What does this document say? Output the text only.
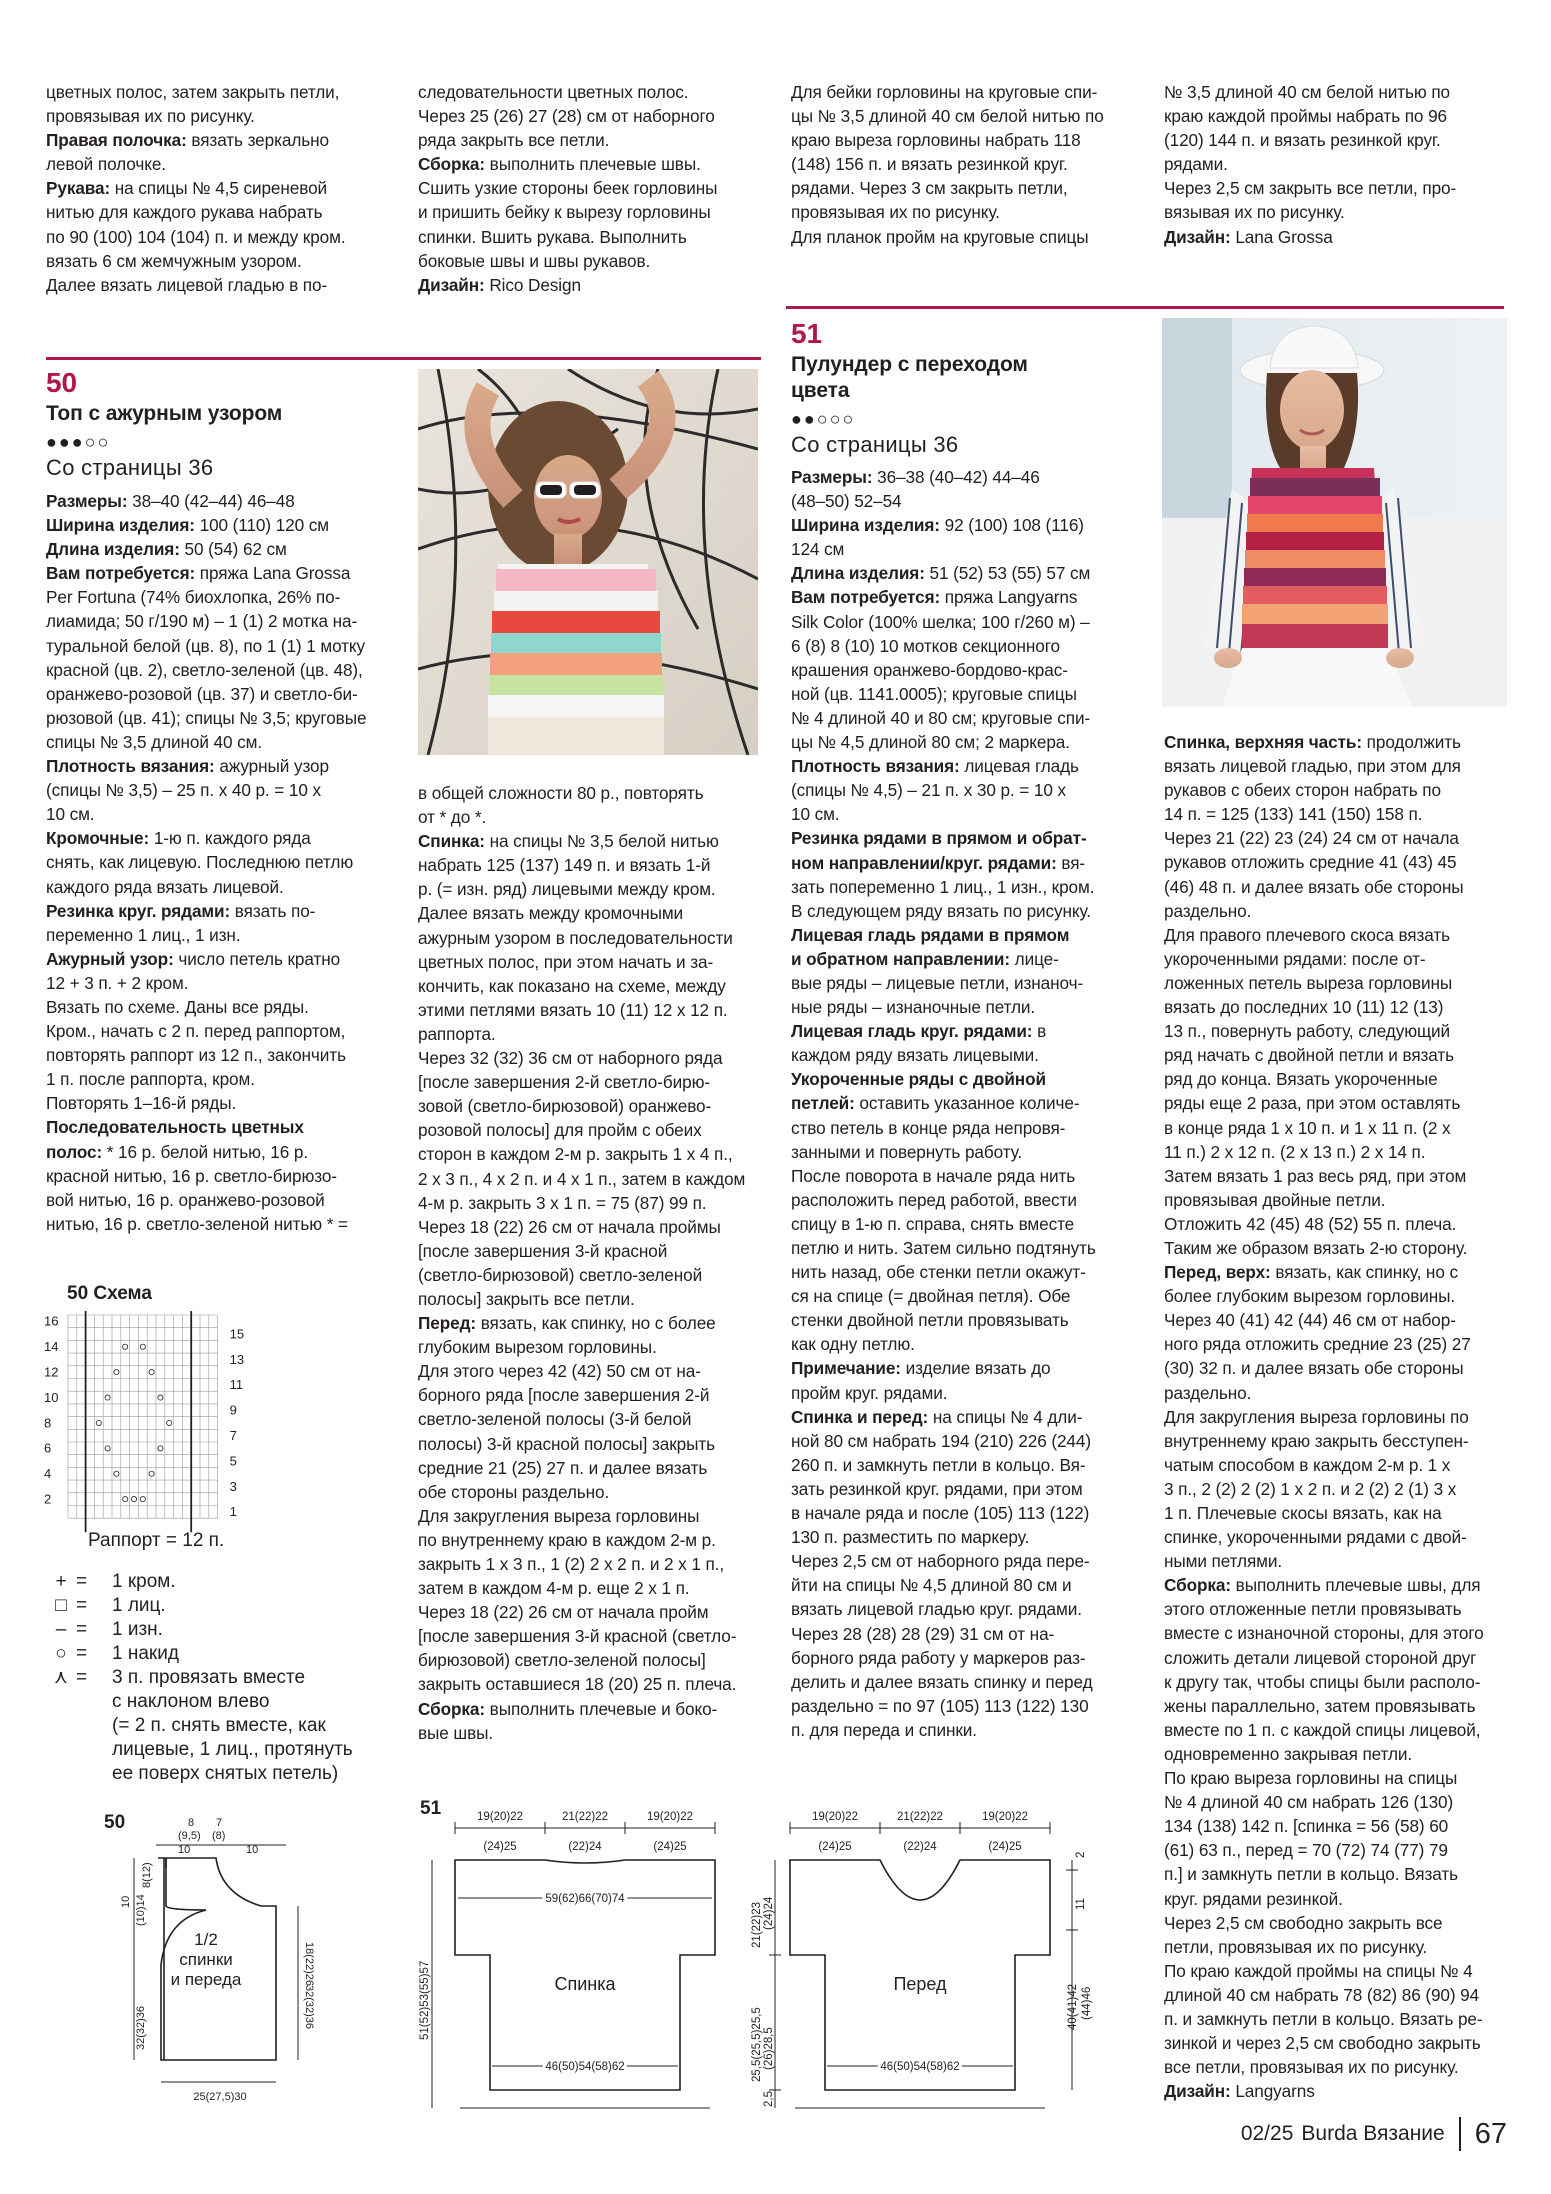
цветных полос, затем закрыть петли,

провязывая их по рисунку.

Правая полочка: вязать зеркально

левой полочке.

Рукава: на спицы № 4,5 сиреневой

нитью для каждого рукава набрать

по 90 (100) 104 (104) п. и между кром.

вязать 6 см жемчужным узором.

Далее вязать лицевой гладью в по-

следовательности цветных полос.

Через 25 (26) 27 (28) см от наборного

ряда закрыть все петли.

Сборка: выполнить плечевые швы.

Сшить узкие стороны беек горловины

и пришить бейку к вырезу горловины

спинки. Вшить рукава. Выполнить

боковые швы и швы рукавов.

Дизайн: Rico Design

Для бейки горловины на круговые спи-

цы № 3,5 длиной 40 см белой нитью по

краю выреза горловины набрать 118

(148) 156 п. и вязать резинкой круг.

рядами. Через 3 см закрыть петли,

провязывая их по рисунку.

Для планок пройм на круговые спицы

№ 3,5 длиной 40 см белой нитью по

краю каждой проймы набрать по 96

(120) 144 п. и вязать резинкой круг.

рядами.

Через 2,5 см закрыть все петли, про-

вязывая их по рисунку.

Дизайн: Lana Grossa

50
Топ с ажурным узором
●●●○○
Со страницы 36

Размеры: 38–40 (42–44) 46–48

Ширина изделия: 100 (110) 120 см

Длина изделия: 50 (54) 62 см

Вам потребуется: пряжа Lana Grossa

Per Fortuna (74% биохлопка, 26% по-

лиамида; 50 г/190 м) – 1 (1) 2 мотка на-

туральной белой (цв. 8), по 1 (1) 1 мотку

красной (цв. 2), светло-зеленой (цв. 48),

оранжево-розовой (цв. 37) и светло-би-

рюзовой (цв. 41); спицы № 3,5; круговые

спицы № 3,5 длиной 40 см.

Плотность вязания: ажурный узор

(спицы № 3,5) – 25 п. х 40 р. = 10 х

10 см.

Кромочные: 1-ю п. каждого ряда

снять, как лицевую. Последнюю петлю

каждого ряда вязать лицевой.

Резинка круг. рядами: вязать по-

переменно 1 лиц., 1 изн.

Ажурный узор: число петель кратно

12 + 3 п. + 2 кром.

Вязать по схеме. Даны все ряды.

Кром., начать с 2 п. перед раппортом,

повторять раппорт из 12 п., закончить

1 п. после раппорта, кром.

Повторять 1–16-й ряды.

Последовательность цветных

полос: * 16 р. белой нитью, 16 р.

красной нитью, 16 р. светло-бирюзо-

вой нитью, 16 р. оранжево-розовой

нитью, 16 р. светло-зеленой нитью * =

в общей сложности 80 р., повторять

от * до *.

Спинка: на спицы № 3,5 белой нитью

набрать 125 (137) 149 п. и вязать 1-й

р. (= изн. ряд) лицевыми между кром.

Далее вязать между кромочными

ажурным узором в последовательности

цветных полос, при этом начать и за-

кончить, как показано на схеме, между

этими петлями вязать 10 (11) 12 х 12 п.

раппорта.

Через 32 (32) 36 см от наборного ряда

[после завершения 2-й светло-бирю-

зовой (светло-бирюзовой) оранжево-

розовой полосы] для пройм с обеих

сторон в каждом 2-м р. закрыть 1 х 4 п.,

2 х 3 п., 4 х 2 п. и 4 х 1 п., затем в каждом

4-м р. закрыть 3 х 1 п. = 75 (87) 99 п.

Через 18 (22) 26 см от начала проймы

[после завершения 3-й красной

(светло-бирюзовой) светло-зеленой

полосы] закрыть все петли.

Перед: вязать, как спинку, но с более

глубоким вырезом горловины.

Для этого через 42 (42) 50 см от на-

борного ряда [после завершения 2-й

светло-зеленой полосы (3-й белой

полосы) 3-й красной полосы] закрыть

средние 21 (25) 27 п. и далее вязать

обе стороны раздельно.

Для закругления выреза горловины

по внутреннему краю в каждом 2-м р.

закрыть 1 х 3 п., 1 (2) 2 х 2 п. и 2 х 1 п.,

затем в каждом 4-м р. еще 2 х 1 п.

Через 18 (22) 26 см от начала пройм

[после завершения 3-й красной (светло-

бирюзовой) светло-зеленой полосы]

закрыть оставшиеся 18 (20) 25 п. плеча.

Сборка: выполнить плечевые и боко-

вые швы.

50 Схема
16
14
12
10
8
6
4
2
15
13
11
9
7
5
3
1
Раппорт = 12 п.
+ =	1 кром.
□ =	1 лиц.
– =	1 изн.
○ =	1 накид
⋏ =	3 п. провязать вместе
с наклоном влево
(= 2 п. снять вместе, как
лицевые, 1 лиц., протянуть
ее поверх снятых петель)
50	8
(9,5)
7
(8)
10	10
8(12)
10 (10)14
32(32)36
18(22)26
32(32)36
1/2
спинки
и переда
25(27,5)30
51
Пулундер с переходом
цвета
●●○○○
Со страницы 36

Размеры: 36–38 (40–42) 44–46

(48–50) 52–54

Ширина изделия: 92 (100) 108 (116)

124 см

Длина изделия: 51 (52) 53 (55) 57 см

Вам потребуется: пряжа Langyarns

Silk Color (100% шелка; 100 г/260 м) –

6 (8) 8 (10) 10 мотков секционного

крашения оранжево-бордово-крас-

ной (цв. 1141.0005); круговые спицы

№ 4 длиной 40 и 80 см; круговые спи-

цы № 4,5 длиной 80 см; 2 маркера.

Плотность вязания: лицевая гладь

(спицы № 4,5) – 21 п. х 30 р. = 10 х

10 см.

Резинка рядами в прямом и обрат-

ном направлении/круг. рядами: вя-

зать попеременно 1 лиц., 1 изн., кром.

В следующем ряду вязать по рисунку.

Лицевая гладь рядами в прямом

и обратном направлении: лице-

вые ряды – лицевые петли, изнаноч-

ные ряды – изнаночные петли.

Лицевая гладь круг. рядами: в

каждом ряду вязать лицевыми.

Укороченные ряды с двойной

петлей: оставить указанное количе-

ство петель в конце ряда непровя-

занными и повернуть работу.

После поворота в начале ряда нить

расположить перед работой, ввести

спицу в 1-ю п. справа, снять вместе

петлю и нить. Затем сильно подтянуть

нить назад, обе стенки петли окажут-

ся на спице (= двойная петля). Обе

стенки двойной петли провязывать

как одну петлю.

Примечание: изделие вязать до

пройм круг. рядами.

Спинка и перед: на спицы № 4 дли-

ной 80 см набрать 194 (210) 226 (244)

260 п. и замкнуть петли в кольцо. Вя-

зать резинкой круг. рядами, при этом

в начале ряда и после (105) 113 (122)

130 п. разместить по маркеру.

Через 2,5 см от наборного ряда пере-

йти на спицы № 4,5 длиной 80 см и

вязать лицевой гладью круг. рядами.

Через 28 (28) 28 (29) 31 см от на-

борного ряда работу у маркеров раз-

делить и далее вязать спинку и перед

раздельно = по 97 (105) 113 (122) 130

п. для переда и спинки.

Спинка, верхняя часть: продолжить

вязать лицевой гладью, при этом для

рукавов с обеих сторон набрать по

14 п. = 125 (133) 141 (150) 158 п.

Через 21 (22) 23 (24) 24 см от начала

рукавов отложить средние 41 (43) 45

(46) 48 п. и далее вязать обе стороны

раздельно.

Для правого плечевого скоса вязать

укороченными рядами: после от-

ложенных петель выреза горловины

вязать до последних 10 (11) 12 (13)

13 п., повернуть работу, следующий

ряд начать с двойной петли и вязать

ряд до конца. Вязать укороченные

ряды еще 2 раза, при этом оставлять

в конце ряда 1 х 10 п. и 1 х 11 п. (2 х

11 п.) 2 х 12 п. (2 х 13 п.) 2 х 14 п.

Затем вязать 1 раз весь ряд, при этом

провязывая двойные петли.

Отложить 42 (45) 48 (52) 55 п. плеча.

Таким же образом вязать 2-ю сторону.

Перед, верх: вязать, как спинку, но с

более глубоким вырезом горловины.

Через 40 (41) 42 (44) 46 см от набор-

ного ряда отложить средние 23 (25) 27

(30) 32 п. и далее вязать обе стороны

раздельно.

Для закругления выреза горловины по

внутреннему краю закрыть бесступен-

чатым способом в каждом 2-м р. 1 х

3 п., 2 (2) 2 (2) 1 х 2 п. и 2 (2) 2 (1) 3 х

1 п. Плечевые скосы вязать, как на

спинке, укороченными рядами с двой-

ными петлями.

Сборка: выполнить плечевые швы, для

этого отложенные петли провязывать

вместе с изнаночной стороны, для этого

сложить детали лицевой стороной друг

к другу так, чтобы спицы были располо-

жены параллельно, затем провязывать

вместе по 1 п. с каждой спицы лицевой,

одновременно закрывая петли.

По краю выреза горловины на спицы

№ 4 длиной 40 см набрать 126 (130)

134 (138) 142 п. [спинка = 56 (58) 60

(61) 63 п., перед = 70 (72) 74 (77) 79

п.] и замкнуть петли в кольцо. Вязать

круг. рядами резинкой.

Через 2,5 см свободно закрыть все

петли, провязывая их по рисунку.

По краю каждой проймы на спицы № 4

длиной 40 см набрать 78 (82) 86 (90) 94

п. и замкнуть петли в кольцо. Вязать ре-

зинкой и через 2,5 см свободно закрыть

все петли, провязывая их по рисунку.

Дизайн: Langyarns

51	19(20)22
(24)25
21(22)22
(22)24
19(20)22
(24)25
59(62)66(70)74
Спинка
46(50)54(58)62
51(52)53(55)57
19(20)22
(24)25
21(22)22
(22)24
19(20)22
(24)25
Перед
46(50)54(58)62
21(22)23 (24)24
25,5(25,5)25,5 (26)28,5
2,5
2
11
40(41)42 (44)46
02/25 Burda Вязание 67
